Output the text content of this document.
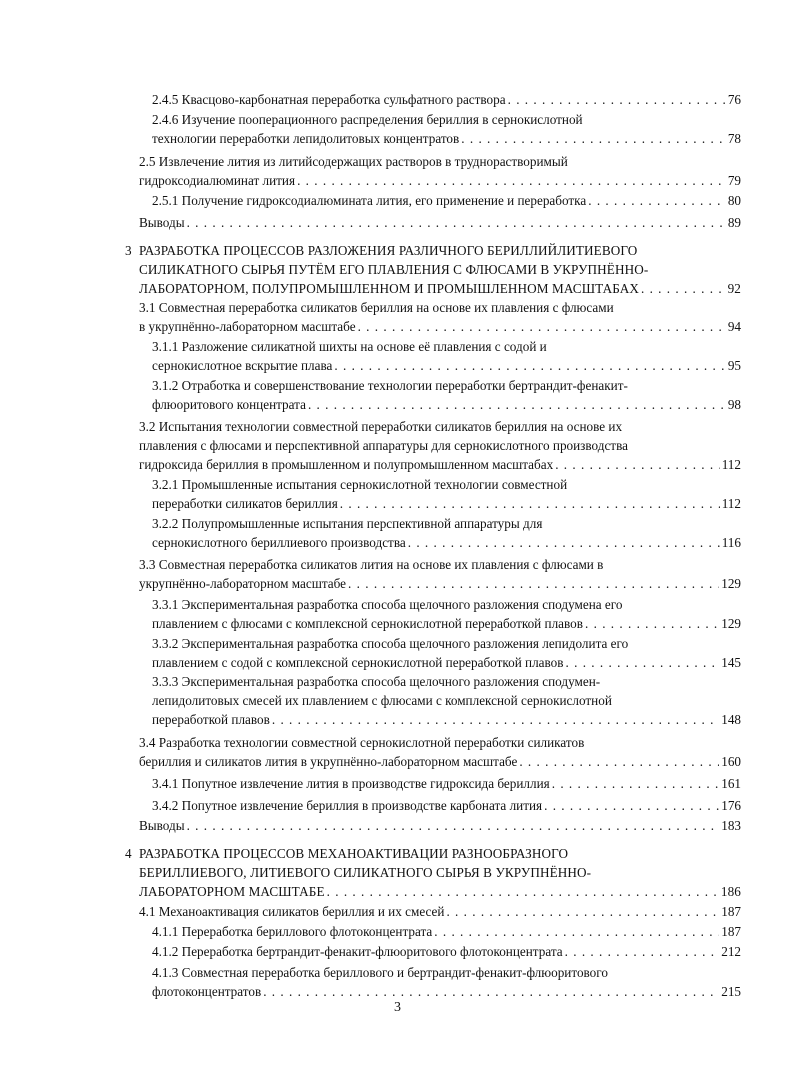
2.4.5 Квасцово-карбонатная переработка сульфатного раствора . . .	76
2.4.6 Изучение пооперационного распределения бериллия в сернокислотной
технологии переработки лепидолитовых концентратов . . .	78
2.5 Извлечение лития из литийсодержащих растворов в труднорастворимый
гидроксодиалюминат лития . . .	79
2.5.1 Получение гидроксодиалюмината лития, его применение и переработка . . .	80
Выводы . . .	89
3 РАЗРАБОТКА ПРОЦЕССОВ РАЗЛОЖЕНИЯ РАЗЛИЧНОГО БЕРИЛЛИЙЛИТИЕВОГО
СИЛИКАТНОГО СЫРЬЯ ПУТЁМ ЕГО ПЛАВЛЕНИЯ С ФЛЮСАМИ В УКРУПНЁННО-
ЛАБОРАТОРНОМ, ПОЛУПРОМЫШЛЕННОМ И ПРОМЫШЛЕННОМ МАСШТАБАХ . . .	92
3.1 Совместная переработка силикатов бериллия на основе их плавления с флюсами
в укрупнённо-лабораторном масштабе . . .	94
3.1.1 Разложение силикатной шихты на основе её плавления с содой и
сернокислотное вскрытие плава . . .	95
3.1.2 Отработка и совершенствование технологии переработки бертрандит-фенакит-
флюоритового концентрата . . .	98
3.2 Испытания технологии совместной переработки силикатов бериллия на основе их
плавления с флюсами и перспективной аппаратуры для сернокислотного производства
гидроксида бериллия в промышленном и полупромышленном масштабах . . .	112
3.2.1 Промышленные испытания сернокислотной технологии совместной
переработки силикатов бериллия . . .	112
3.2.2 Полупромышленные испытания перспективной аппаратуры для
сернокислотного бериллиевого производства . . .	116
3.3 Совместная переработка силикатов лития на основе их плавления с флюсами в
укрупнённо-лабораторном масштабе . . .	129
3.3.1 Экспериментальная разработка способа щелочного разложения сподумена его
плавлением с флюсами с комплексной сернокислотной переработкой плавов . . .	129
3.3.2 Экспериментальная разработка способа щелочного разложения лепидолита его
плавлением с содой с комплексной сернокислотной переработкой плавов . . .	145
3.3.3 Экспериментальная разработка способа щелочного разложения сподумен-
лепидолитовых смесей их плавлением с флюсами с комплексной сернокислотной
переработкой плавов . . .	148
3.4 Разработка технологии совместной сернокислотной переработки силикатов
бериллия и силикатов лития в укрупнённо-лабораторном масштабе . . .	160
3.4.1 Попутное извлечение лития в производстве гидроксида бериллия . . .	161
3.4.2 Попутное извлечение бериллия в производстве карбоната лития . . .	176
Выводы . . .	183
4 РАЗРАБОТКА ПРОЦЕССОВ МЕХАНОАКТИВАЦИИ РАЗНООБРАЗНОГО
БЕРИЛЛИЕВОГО, ЛИТИЕВОГО СИЛИКАТНОГО СЫРЬЯ В УКРУПНЁННО-
ЛАБОРАТОРНОМ МАСШТАБЕ . . .	186
4.1 Механоактивация силикатов бериллия и их смесей . . .	187
4.1.1 Переработка бериллового флотоконцентрата . . .	187
4.1.2 Переработка бертрандит-фенакит-флюоритового флотоконцентрата . . .	212
4.1.3 Совместная переработка бериллового и бертрандит-фенакит-флюоритового
флотоконцентратов . . .	215
3
